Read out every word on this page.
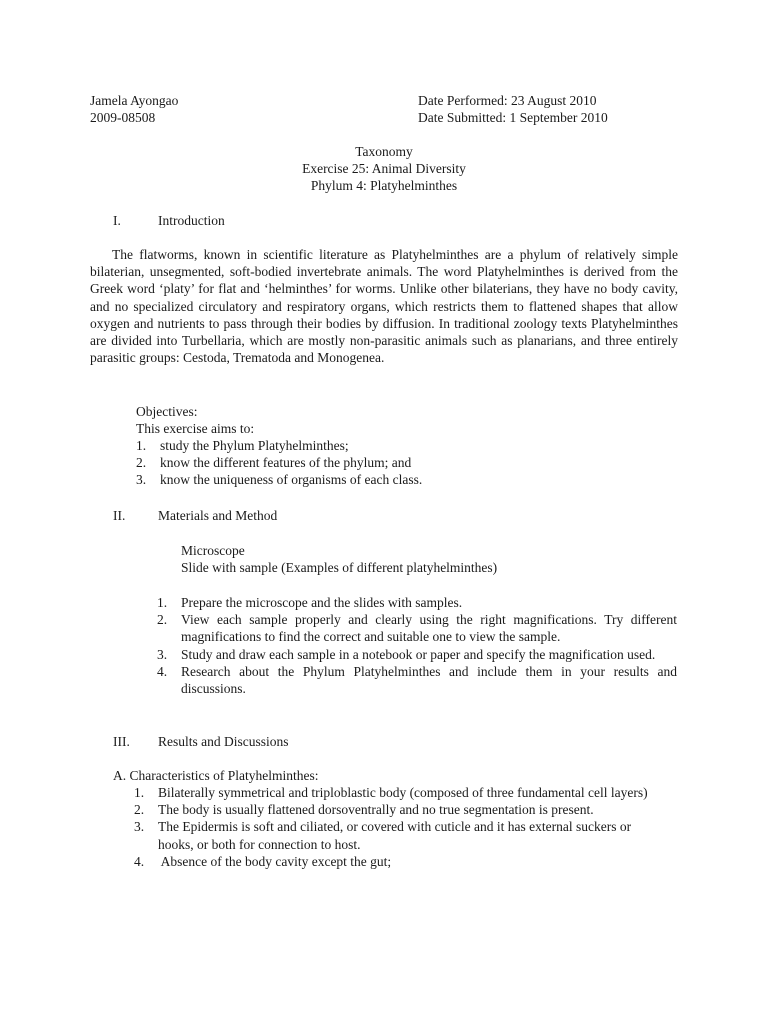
Jamela Ayongao
2009-08508
Date Performed: 23 August 2010
Date Submitted: 1 September 2010
Taxonomy
Exercise 25: Animal Diversity
Phylum 4: Platyhelminthes
I.	Introduction
The flatworms, known in scientific literature as Platyhelminthes are a phylum of relatively simple bilaterian, unsegmented, soft-bodied invertebrate animals. The word Platyhelminthes is derived from the Greek word ‘platy’ for flat and ‘helminthes’ for worms. Unlike other bilaterians, they have no body cavity, and no specialized circulatory and respiratory organs, which restricts them to flattened shapes that allow oxygen and nutrients to pass through their bodies by diffusion. In traditional zoology texts Platyhelminthes are divided into Turbellaria, which are mostly non-parasitic animals such as planarians, and three entirely parasitic groups: Cestoda, Trematoda and Monogenea.
Objectives:
This exercise aims to:
1. study the Phylum Platyhelminthes;
2. know the different features of the phylum; and
3. know the uniqueness of organisms of each class.
II. Materials and Method
Microscope
Slide with sample (Examples of different platyhelminthes)
1. Prepare the microscope and the slides with samples.
2. View each sample properly and clearly using the right magnifications. Try different magnifications to find the correct and suitable one to view the sample.
3. Study and draw each sample in a notebook or paper and specify the magnification used.
4. Research about the Phylum Platyhelminthes and include them in your results and discussions.
III. Results and Discussions
A. Characteristics of Platyhelminthes:
1. Bilaterally symmetrical and triploblastic body (composed of three fundamental cell layers)
2. The body is usually flattened dorsoventrally and no true segmentation is present.
3. The Epidermis is soft and ciliated, or covered with cuticle and it has external suckers or hooks, or both for connection to host.
4. Absence of the body cavity except the gut;
